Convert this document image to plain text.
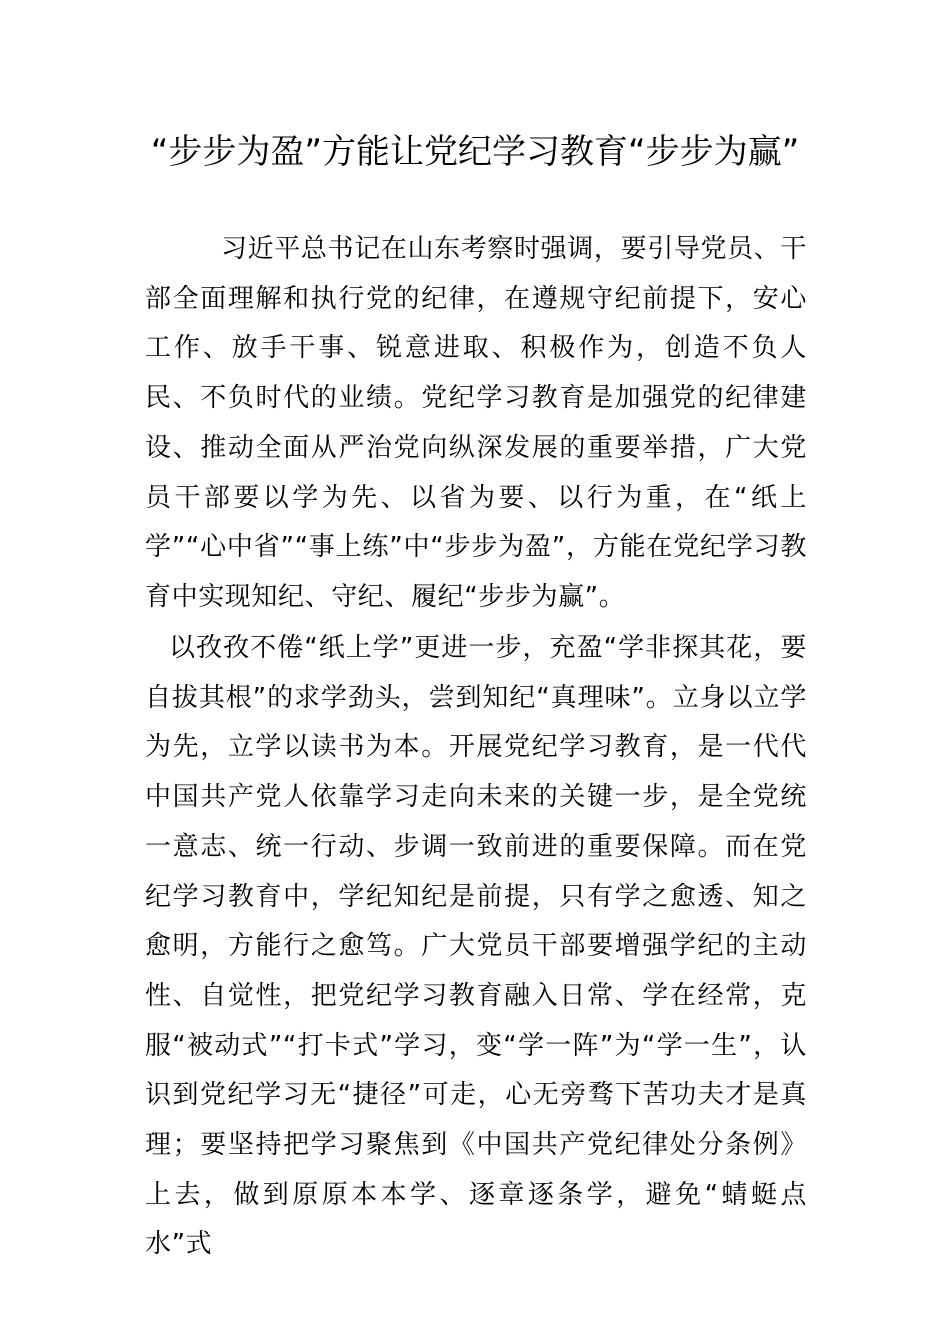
“步步为盈”方能让党纪学习教育“步步为赢”

习近平总书记在山东考察时强调，要引导党员、干部全面理解和执行党的纪律，在遵规守纪前提下，安心工作、放手干事、锐意进取、积极作为，创造不负人民、不负时代的业绩。党纪学习教育是加强党的纪律建设、推动全面从严治党向纵深发展的重要举措，广大党员干部要以学为先、以省为要、以行为重，在“纸上学”“心中省”“事上练”中“步步为盈”，方能在党纪学习教育中实现知纪、守纪、履纪“步步为赢”。

以孜孜不倦“纸上学”更进一步，充盈“学非探其花，要自拔其根”的求学劲头，尝到知纪“真理味”。立身以立学为先，立学以读书为本。开展党纪学习教育，是一代代中国共产党人依靠学习走向未来的关键一步，是全党统一意志、统一行动、步调一致前进的重要保障。而在党纪学习教育中，学纪知纪是前提，只有学之愈透、知之愈明，方能行之愈笃。广大党员干部要增强学纪的主动性、自觉性，把党纪学习教育融入日常、学在经常，克服“被动式”“打卡式”学习，变“学一阵”为“学一生”，认识到党纪学习无“捷径”可走，心无旁骛下苦功夫才是真理；要坚持把学习聚焦到《中国共产党纪律处分条例》上去，做到原原本本学、逐章逐条学，避免“蜻蜓点水”式
